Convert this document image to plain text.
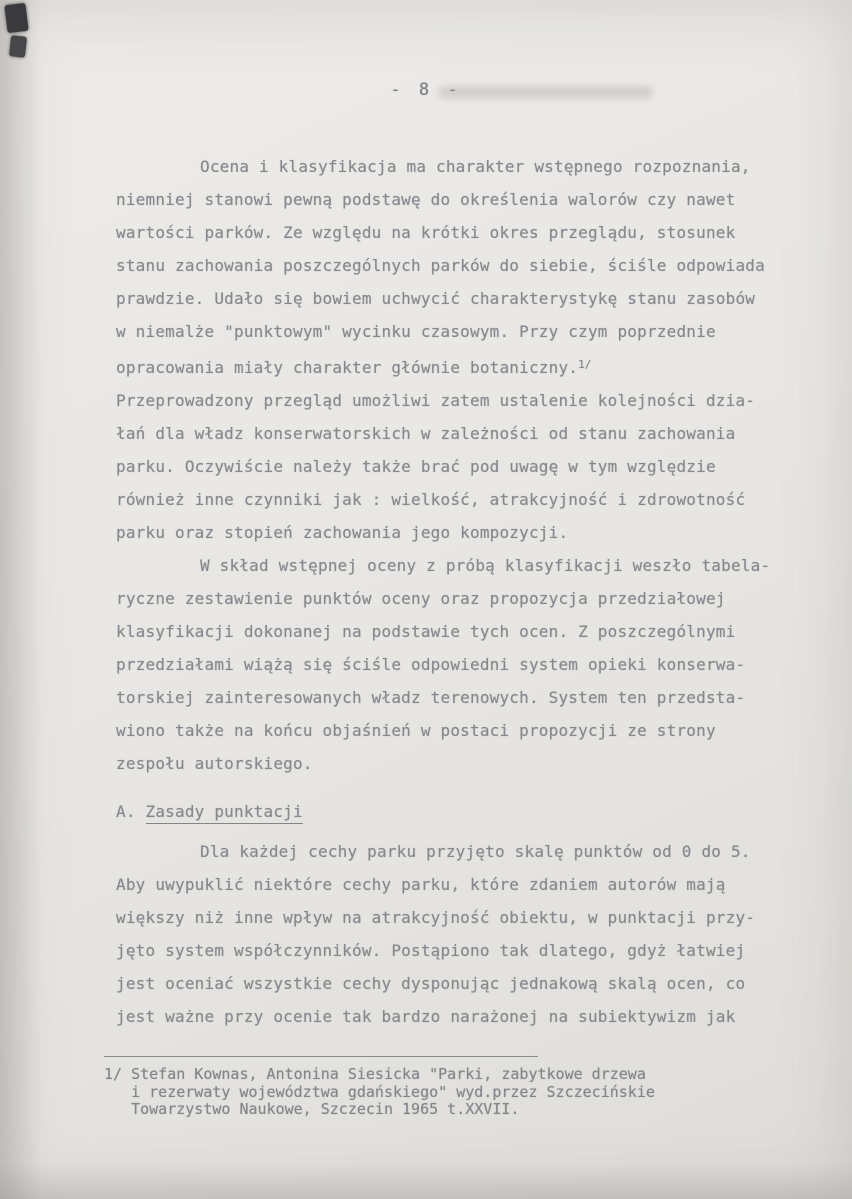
- 8 -
Ocena i klasyfikacja ma charakter wstępnego rozpoznania,
niemniej stanowi pewną podstawę do określenia walorów czy nawet
wartości parków. Ze względu na krótki okres przeglądu, stosunek
stanu zachowania poszczególnych parków do siebie, ściśle odpowiada
prawdzie. Udało się bowiem uchwycić charakterystykę stanu zasobów
w niemalże "punktowym" wycinku czasowym. Przy czym poprzednie
opracowania miały charakter głównie botaniczny.$^{1/}$
Przeprowadzony przegląd umożliwi zatem ustalenie kolejności dzia-
łań dla władz konserwatorskich w zależności od stanu zachowania
parku. Oczywiście należy także brać pod uwagę w tym względzie
również inne czynniki jak : wielkość, atrakcyjność i zdrowotność
parku oraz stopień zachowania jego kompozycji.
W skład wstępnej oceny z próbą klasyfikacji weszło tabela-
ryczne zestawienie punktów oceny oraz propozycja przedziałowej
klasyfikacji dokonanej na podstawie tych ocen. Z poszczególnymi
przedziałami wiążą się ściśle odpowiedni system opieki konserwa-
torskiej zainteresowanych władz terenowych. System ten przedsta-
wiono także na końcu objaśnień w postaci propozycji ze strony
zespołu autorskiego.
A. Zasady punktacji
Dla każdej cechy parku przyjęto skalę punktów od 0 do 5.
Aby uwypuklić niektóre cechy parku, które zdaniem autorów mają
większy niż inne wpływ na atrakcyjność obiektu, w punktacji przy-
jęto system współczynników. Postąpiono tak dlatego, gdyż łatwiej
jest oceniać wszystkie cechy dysponując jednakową skalą ocen, co
jest ważne przy ocenie tak bardzo narażonej na subiektywizm jak
1/ Stefan Kownas, Antonina Siesicka "Parki, zabytkowe drzewa
i rezerwaty województwa gdańskiego" wyd.przez Szczecińskie
Towarzystwo Naukowe, Szczecin 1965 t.XXVII.
